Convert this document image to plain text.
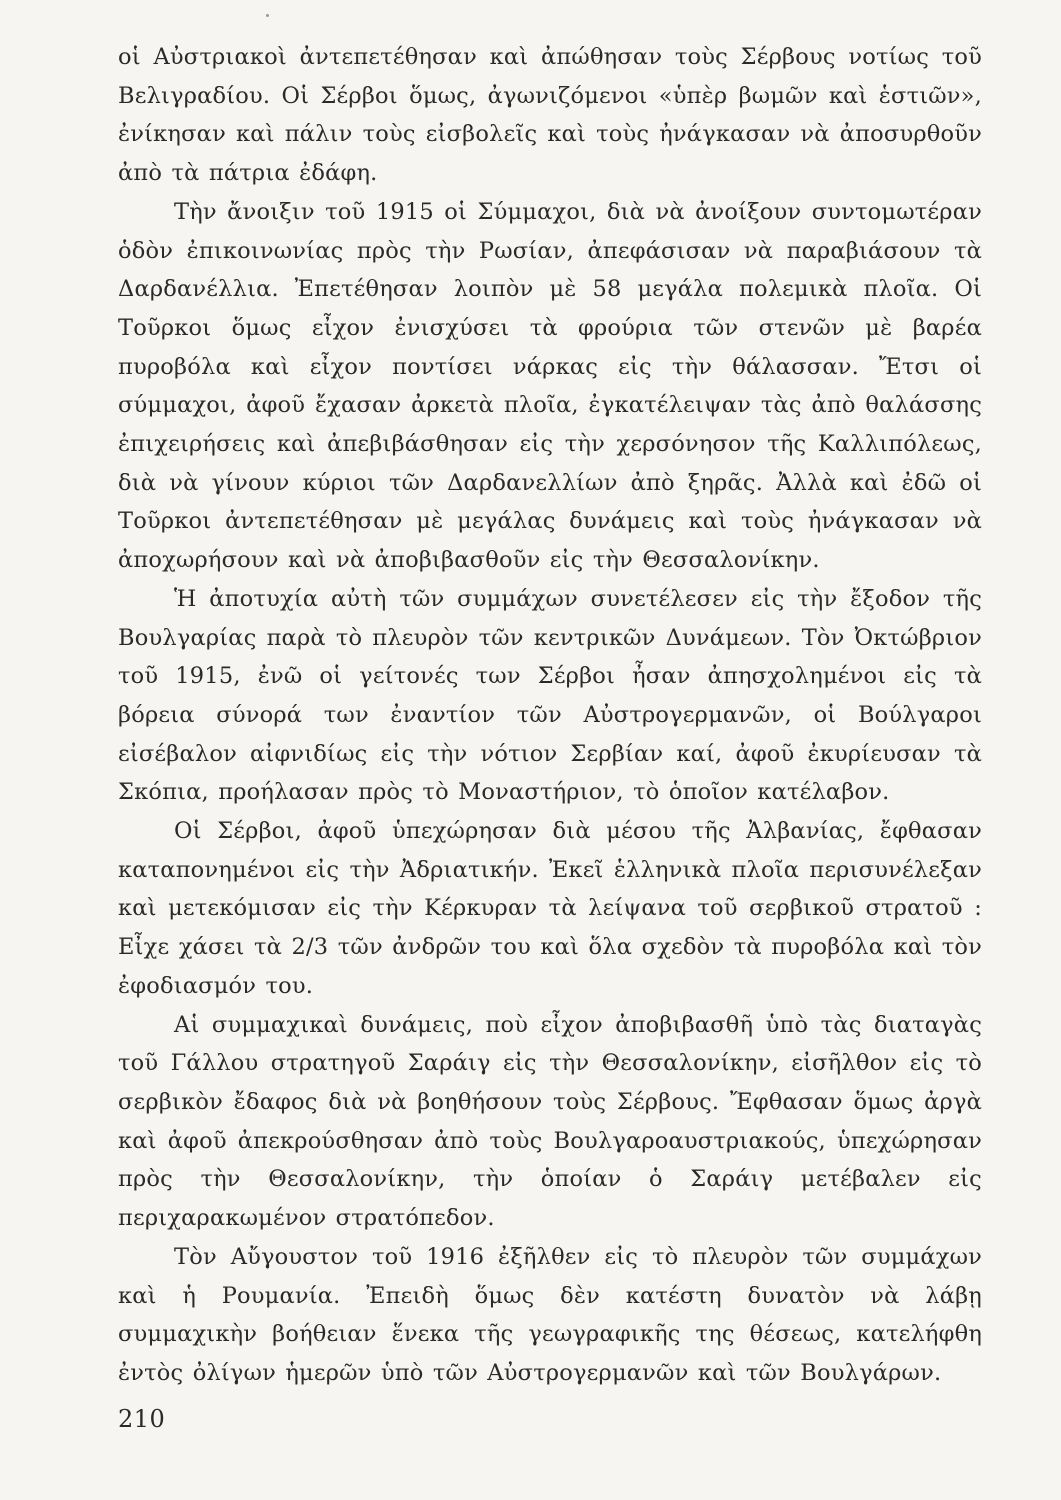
οἱ Αὐστριακοὶ ἀντεπετέθησαν καὶ ἀπώθησαν τοὺς Σέρβους νοτίως τοῦ Βελιγραδίου. Οἱ Σέρβοι ὅμως, ἀγωνιζόμενοι «ὑπὲρ βωμῶν καὶ ἑστιῶν», ἐνίκησαν καὶ πάλιν τοὺς εἰσβολεῖς καὶ τοὺς ἠνάγκασαν νὰ ἀποσυρθοῦν ἀπὸ τὰ πάτρια ἐδάφη.

Τὴν ἄνοιξιν τοῦ 1915 οἱ Σύμμαχοι, διὰ νὰ ἀνοίξουν συντομωτέραν ὁδὸν ἐπικοινωνίας πρὸς τὴν Ρωσίαν, ἀπεφάσισαν νὰ παραβιάσουν τὰ Δαρδανέλλια. Ἐπετέθησαν λοιπὸν μὲ 58 μεγάλα πολεμικὰ πλοῖα. Οἱ Τοῦρκοι ὅμως εἶχον ἐνισχύσει τὰ φρούρια τῶν στενῶν μὲ βαρέα πυροβόλα καὶ εἶχον ποντίσει νάρκας εἰς τὴν θάλασσαν. Ἔτσι οἱ σύμμαχοι, ἀφοῦ ἔχασαν ἀρκετὰ πλοῖα, ἐγκατέλειψαν τὰς ἀπὸ θαλάσσης ἐπιχειρήσεις καὶ ἀπεβιβάσθησαν εἰς τὴν χερσόνησον τῆς Καλλιπόλεως, διὰ νὰ γίνουν κύριοι τῶν Δαρδανελλίων ἀπὸ ξηρᾶς. Ἀλλὰ καὶ ἐδῶ οἱ Τοῦρκοι ἀντεπετέθησαν μὲ μεγάλας δυνάμεις καὶ τοὺς ἠνάγκασαν νὰ ἀποχωρήσουν καὶ νὰ ἀποβιβασθοῦν εἰς τὴν Θεσσαλονίκην.

Ἡ ἀποτυχία αὐτὴ τῶν συμμάχων συνετέλεσεν εἰς τὴν ἔξοδον τῆς Βουλγαρίας παρὰ τὸ πλευρὸν τῶν κεντρικῶν Δυνάμεων. Τὸν Ὀκτώβριον τοῦ 1915, ἐνῶ οἱ γείτονές των Σέρβοι ἦσαν ἀπησχολημένοι εἰς τὰ βόρεια σύνορά των ἐναντίον τῶν Αὐστρογερμανῶν, οἱ Βούλγαροι εἰσέβαλον αἰφνιδίως εἰς τὴν νότιον Σερβίαν καί, ἀφοῦ ἐκυρίευσαν τὰ Σκόπια, προήλασαν πρὸς τὸ Μοναστήριον, τὸ ὁποῖον κατέλαβον.

Οἱ Σέρβοι, ἀφοῦ ὑπεχώρησαν διὰ μέσου τῆς Ἀλβανίας, ἔφθασαν καταπονημένοι εἰς τὴν Ἀδριατικήν. Ἐκεῖ ἑλληνικὰ πλοῖα περισυνέλεξαν καὶ μετεκόμισαν εἰς τὴν Κέρκυραν τὰ λείψανα τοῦ σερβικοῦ στρατοῦ : Εἶχε χάσει τὰ 2/3 τῶν ἀνδρῶν του καὶ ὅλα σχεδὸν τὰ πυροβόλα καὶ τὸν ἐφοδιασμόν του.

Αἱ συμμαχικαὶ δυνάμεις, ποὺ εἶχον ἀποβιβασθῆ ὑπὸ τὰς διαταγὰς τοῦ Γάλλου στρατηγοῦ Σαράιγ εἰς τὴν Θεσσαλονίκην, εἰσῆλθον εἰς τὸ σερβικὸν ἔδαφος διὰ νὰ βοηθήσουν τοὺς Σέρβους. Ἔφθασαν ὅμως ἀργὰ καὶ ἀφοῦ ἀπεκρούσθησαν ἀπὸ τοὺς Βουλγαροαυστριακούς, ὑπεχώρησαν πρὸς τὴν Θεσσαλονίκην, τὴν ὁποίαν ὁ Σαράιγ μετέβαλεν εἰς περιχαρακωμένον στρατόπεδον.

Τὸν Αὔγουστον τοῦ 1916 ἐξῆλθεν εἰς τὸ πλευρὸν τῶν συμμάχων καὶ ἡ Ρουμανία. Ἐπειδὴ ὅμως δὲν κατέστη δυνατὸν νὰ λάβῃ συμμαχικὴν βοήθειαν ἕνεκα τῆς γεωγραφικῆς της θέσεως, κατελήφθη ἐντὸς ὀλίγων ἡμερῶν ὑπὸ τῶν Αὐστρογερμανῶν καὶ τῶν Βουλγάρων.

210
